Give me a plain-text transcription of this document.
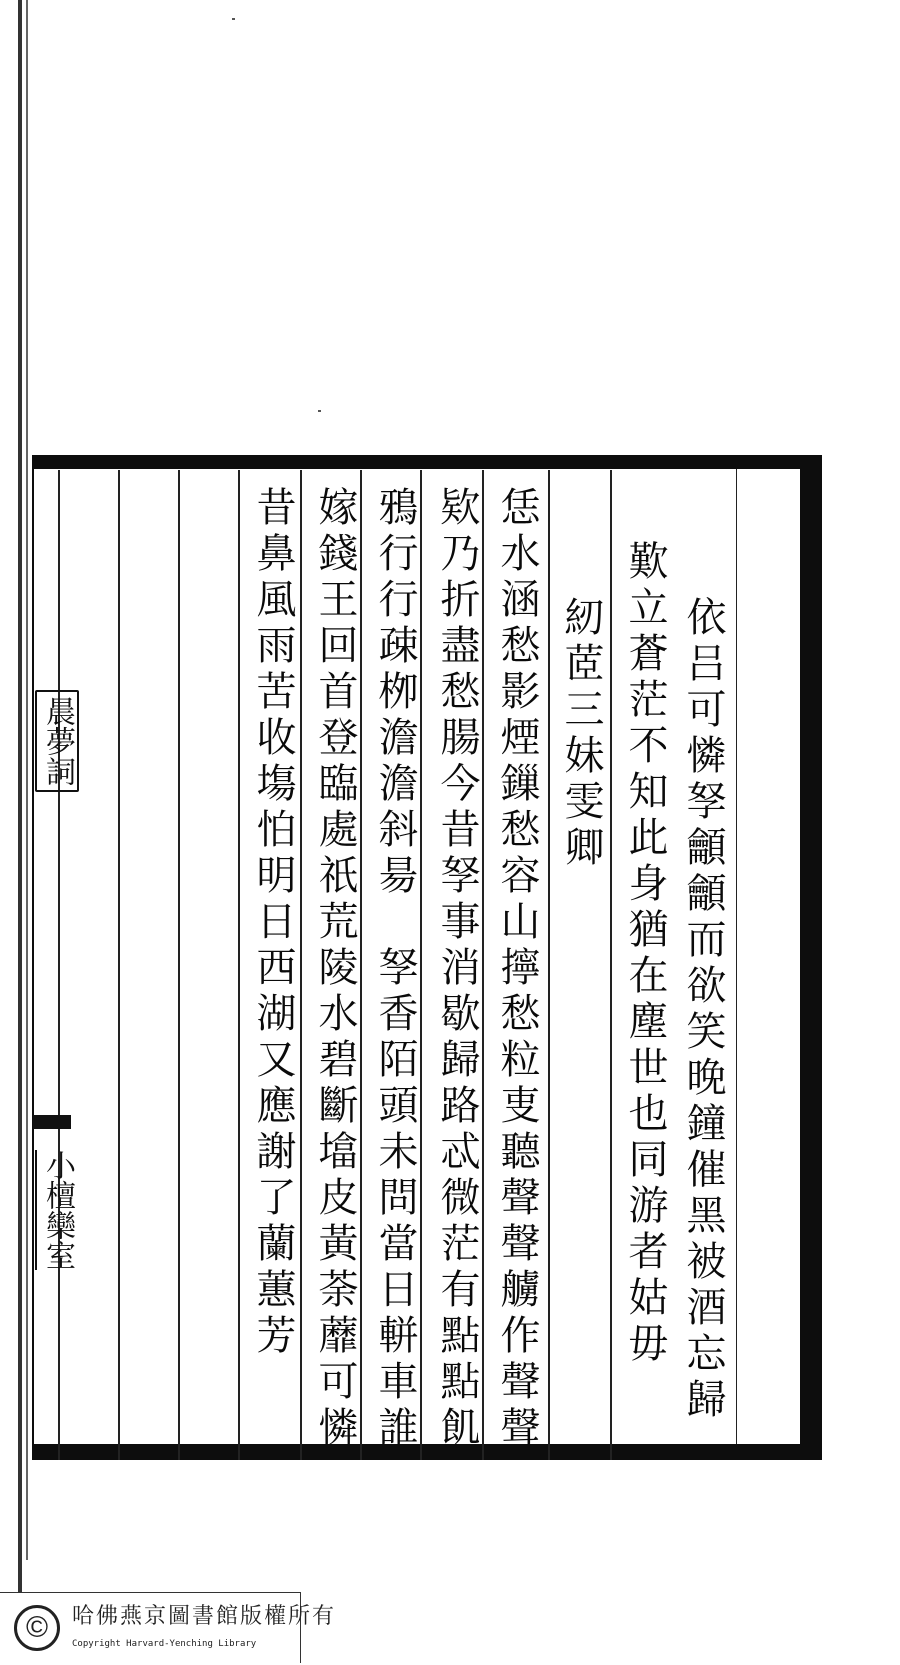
晨夢詞
小檀欒室	依吕可憐孥龥龥而欲笑晚鐘催黑被酒忘歸
歎立蒼茫不知此身猶在塵世也同游者姑毋
紉茝三妹雯卿
恁水涵愁影煙鏁愁容山擰愁粒叓聽聲聲艣作聲聲
欵乃折盡愁腸今昔孥事消歇歸路忒微茫有點點飢
鴉行行疎栁澹澹斜昜　孥香陌頭未問當日軿車誰
嫁錢王回首登臨處祇荒陵水碧斷墖皮黃荼蘼可憐
昔鼻風雨苦收塲怕明日西湖又應謝了蘭蕙芳
©	哈佛燕京圖書館版權所有
Copyright Harvard-Yenching Library
